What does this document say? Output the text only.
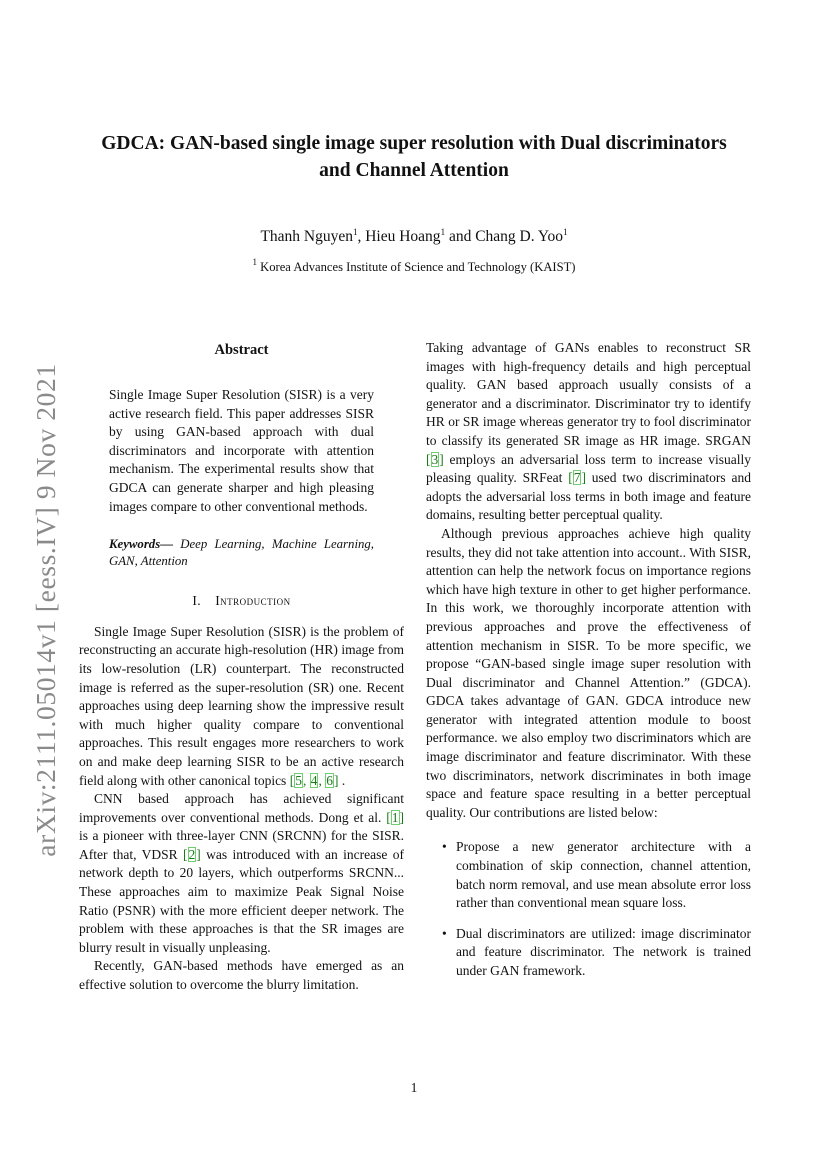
arXiv:2111.05014v1 [eess.IV] 9 Nov 2021
GDCA: GAN-based single image super resolution with Dual discriminators
and Channel Attention
Thanh Nguyen$^1$, Hieu Hoang$^1$ and Chang D. Yoo$^1$
$^1$ Korea Advances Institute of Science and Technology (KAIST)
Abstract
Single Image Super Resolution (SISR) is a very active research field. This paper addresses SISR by using GAN-based approach with dual discriminators and incorporate with attention mechanism. The experimental results show that GDCA can generate sharper and high pleasing images compare to other conventional methods.
Keywords— Deep Learning, Machine Learning, GAN, Attention
I. Introduction

Single Image Super Resolution (SISR) is the problem of reconstructing an accurate high-resolution (HR) image from its low-resolution (LR) counterpart. The reconstructed image is referred as the super-resolution (SR) one. Recent approaches using deep learning show the impressive result with much higher quality compare to conventional approaches. This result engages more researchers to work on and make deep learning SISR to be an active research field along with other canonical topics [5, 4, 6] .

CNN based approach has achieved significant improvements over conventional methods. Dong et al. [1] is a pioneer with three-layer CNN (SRCNN) for the SISR. After that, VDSR [2] was introduced with an increase of network depth to 20 layers, which outperforms SRCNN... These approaches aim to maximize Peak Signal Noise Ratio (PSNR) with the more efficient deeper network. The problem with these approaches is that the SR images are blurry result in visually unpleasing.

Recently, GAN-based methods have emerged as an effective solution to overcome the blurry limitation.

Taking advantage of GANs enables to reconstruct SR images with high-frequency details and high perceptual quality. GAN based approach usually consists of a generator and a discriminator. Discriminator try to identify HR or SR image whereas generator try to fool discriminator to classify its generated SR image as HR image. SRGAN [3] employs an adversarial loss term to increase visually pleasing quality. SRFeat [7] used two discriminators and adopts the adversarial loss terms in both image and feature domains, resulting better perceptual quality.

Although previous approaches achieve high quality results, they did not take attention into account.. With SISR, attention can help the network focus on importance regions which have high texture in other to get higher performance. In this work, we thoroughly incorporate attention with previous approaches and prove the effectiveness of attention mechanism in SISR. To be more specific, we propose “GAN-based single image super resolution with Dual discriminator and Channel Attention.” (GDCA). GDCA takes advantage of GAN. GDCA introduce new generator with integrated attention module to boost performance. we also employ two discriminators which are image discriminator and feature discriminator. With these two discriminators, network discriminates in both image space and feature space resulting in a better perceptual quality. Our contributions are listed below:

• Propose a new generator architecture with a combination of skip connection, channel attention, batch norm removal, and use mean absolute error loss rather than conventional mean square loss.
• Dual discriminators are utilized: image discriminator and feature discriminator. The network is trained under GAN framework.
1
